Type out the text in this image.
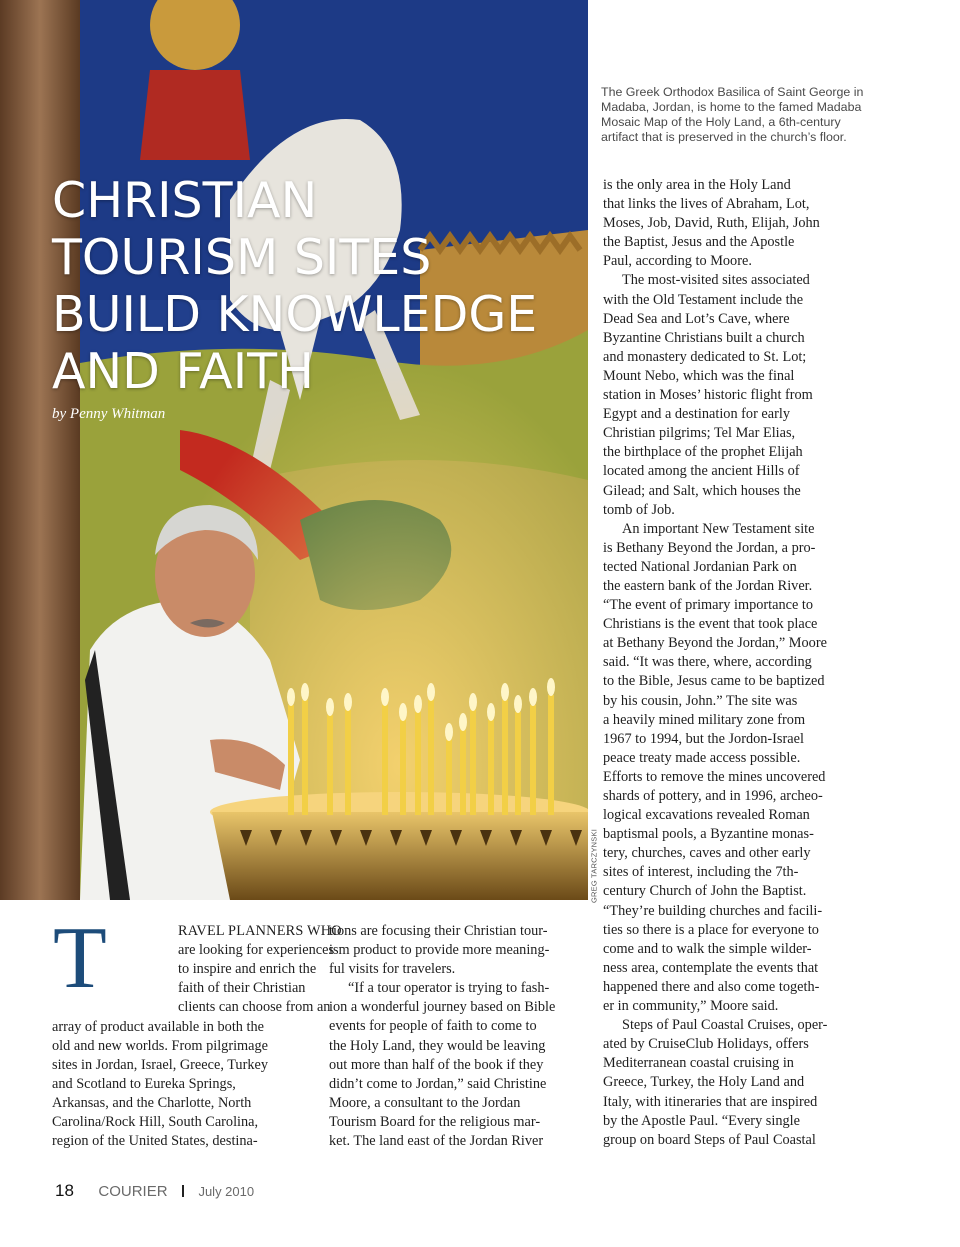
CHRISTIAN
TOURISM SITES
BUILD KNOWLEDGE
AND FAITH

by Penny Whitman

The Greek Orthodox Basilica of Saint George in Madaba, Jordan, is home to the famed Madaba Mosaic Map of the Holy Land, a 6th-century artifact that is preserved in the church’s floor.

GREG TARCZYNSKI
T	RAVEL PLANNERS WHO
are looking for experiences
to inspire and enrich the
faith of their Christian
clients can choose from an
array of product available in both the
old and new worlds. From pilgrimage
sites in Jordan, Israel, Greece, Turkey
and Scotland to Eureka Springs,
Arkansas, and the Charlotte, North
Carolina/Rock Hill, South Carolina,
region of the United States, destina-
tions are focusing their Christian tour-
ism product to provide more meaning-
ful visits for travelers.
“If a tour operator is trying to fash-
ion a wonderful journey based on Bible
events for people of faith to come to
the Holy Land, they would be leaving
out more than half of the book if they
didn’t come to Jordan,” said Christine
Moore, a consultant to the Jordan
Tourism Board for the religious mar-
ket. The land east of the Jordan River
is the only area in the Holy Land
that links the lives of Abraham, Lot,
Moses, Job, David, Ruth, Elijah, John
the Baptist, Jesus and the Apostle
Paul, according to Moore.
The most-visited sites associated
with the Old Testament include the
Dead Sea and Lot’s Cave, where
Byzantine Christians built a church
and monastery dedicated to St. Lot;
Mount Nebo, which was the final
station in Moses’ historic flight from
Egypt and a destination for early
Christian pilgrims; Tel Mar Elias,
the birthplace of the prophet Elijah
located among the ancient Hills of
Gilead; and Salt, which houses the
tomb of Job.
An important New Testament site
is Bethany Beyond the Jordan, a pro-
tected National Jordanian Park on
the eastern bank of the Jordan River.
“The event of primary importance to
Christians is the event that took place
at Bethany Beyond the Jordan,” Moore
said. “It was there, where, according
to the Bible, Jesus came to be baptized
by his cousin, John.” The site was
a heavily mined military zone from
1967 to 1994, but the Jordon-Israel
peace treaty made access possible.
Efforts to remove the mines uncovered
shards of pottery, and in 1996, archeo-
logical excavations revealed Roman
baptismal pools, a Byzantine monas-
tery, churches, caves and other early
sites of interest, including the 7th-
century Church of John the Baptist.
“They’re building churches and facili-
ties so there is a place for everyone to
come and to walk the simple wilder-
ness area, contemplate the events that
happened there and also come togeth-
er in community,” Moore said.
Steps of Paul Coastal Cruises, oper-
ated by CruiseClub Holidays, offers
Mediterranean coastal cruising in
Greece, Turkey, the Holy Land and
Italy, with itineraries that are inspired
by the Apostle Paul. “Every single
group on board Steps of Paul Coastal
18 COURIER July 2010
